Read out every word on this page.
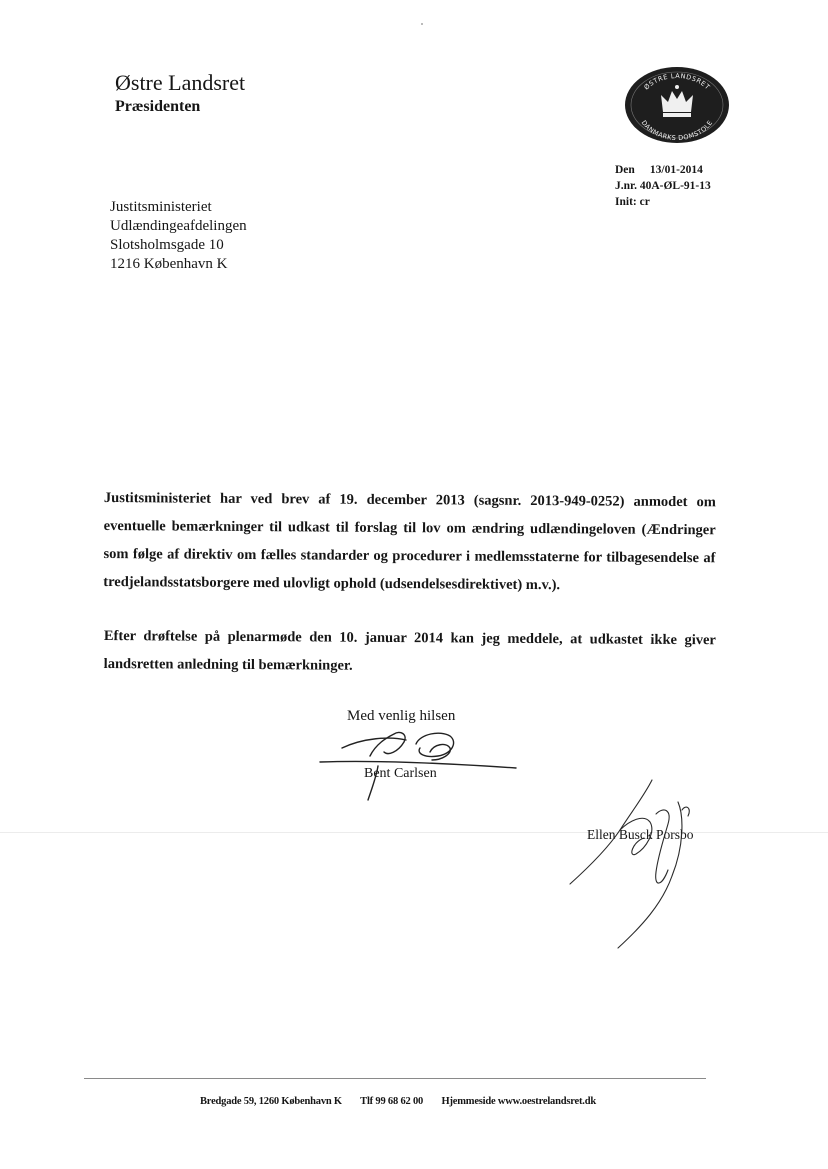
Østre Landsret
Præsidenten
ØSTRE LANDSRET
DANMARKS DOMSTOLE
Den 13/01-2014
J.nr. 40A-ØL-91-13
Init: cr
Justitsministeriet
Udlændingeafdelingen
Slotsholmsgade 10
1216 København K
Justitsministeriet har ved brev af 19. december 2013 (sagsnr. 2013-949-0252) anmodet om eventuelle bemærkninger til udkast til forslag til lov om ændring udlændingeloven (Ændringer som følge af direktiv om fælles standarder og procedurer i medlemsstaterne for tilbagesendelse af tredjelandsstatsborgere med ulovligt ophold (udsendelsesdirektivet) m.v.).
Efter drøftelse på plenarmøde den 10. januar 2014 kan jeg meddele, at udkastet ikke giver landsretten anledning til bemærkninger.
Med venlig hilsen
Bent Carlsen
Ellen Busck Porsbo
Bredgade 59, 1260 København K Tlf 99 68 62 00 Hjemmeside www.oestrelandsret.dk
